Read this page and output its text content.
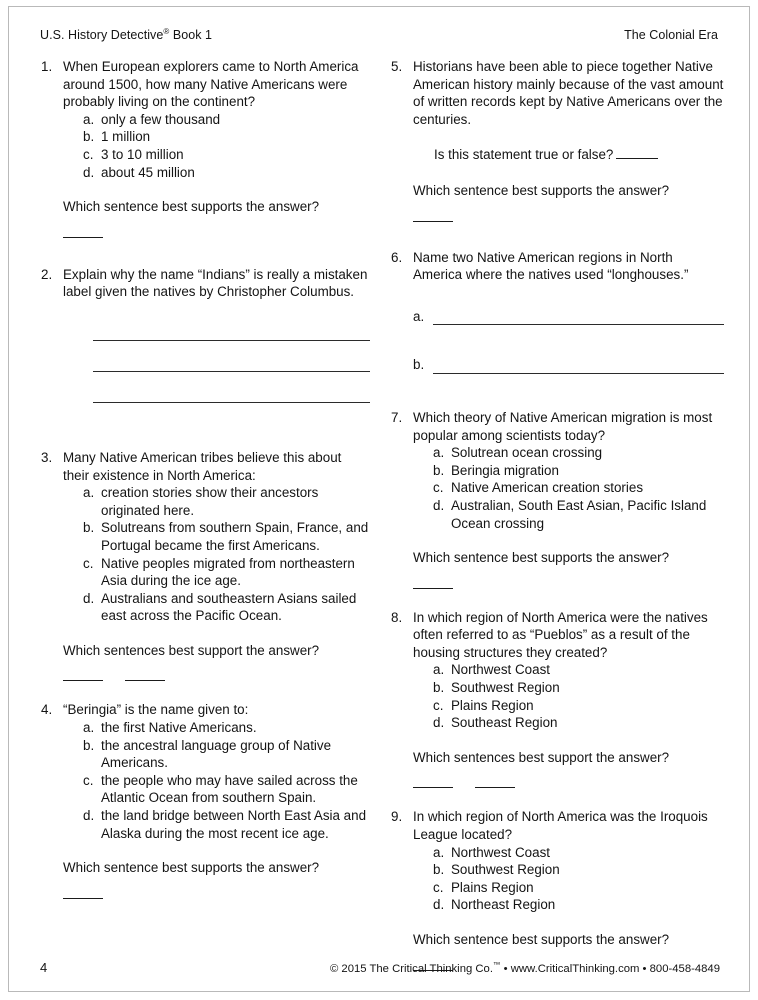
U.S. History Detective® Book 1	The Colonial Era
1. When European explorers came to North America around 1500, how many Native Americans were probably living on the continent?

a. only a few thousand
b. 1 million
c. 3 to 10 million
d. about 45 million
Which sentence best supports the answer?
2. Explain why the name “Indians” is really a mistaken label given the natives by Christopher Columbus.

3. Many Native American tribes believe this about their existence in North America:

a. creation stories show their ancestors originated here.
b. Solutreans from southern Spain, France, and Portugal became the first Americans.
c. Native peoples migrated from northeastern Asia during the ice age.
d. Australians and southeastern Asians sailed east across the Pacific Ocean.
Which sentences best support the answer?
4. “Beringia” is the name given to:

a. the first Native Americans.
b. the ancestral language group of Native Americans.
c. the people who may have sailed across the Atlantic Ocean from southern Spain.
d. the land bridge between North East Asia and Alaska during the most recent ice age.
Which sentence best supports the answer?
5. Historians have been able to piece together Native American history mainly because of the vast amount of written records kept by Native Americans over the centuries.

Is this statement true or false?
Which sentence best supports the answer?
6. Name two Native American regions in North America where the natives used “longhouses.”

a.
b.
7. Which theory of Native American migration is most popular among scientists today?

a. Solutrean ocean crossing
b. Beringia migration
c. Native American creation stories
d. Australian, South East Asian, Pacific Island Ocean crossing
Which sentence best supports the answer?
8. In which region of North America were the natives often referred to as “Pueblos” as a result of the housing structures they created?

a. Northwest Coast
b. Southwest Region
c. Plains Region
d. Southeast Region
Which sentences best support the answer?
9. In which region of North America was the Iroquois League located?

a. Northwest Coast
b. Southwest Region
c. Plains Region
d. Northeast Region
Which sentence best supports the answer?
4	© 2015 The Critical Thinking Co.™ • www.CriticalThinking.com • 800-458-4849
